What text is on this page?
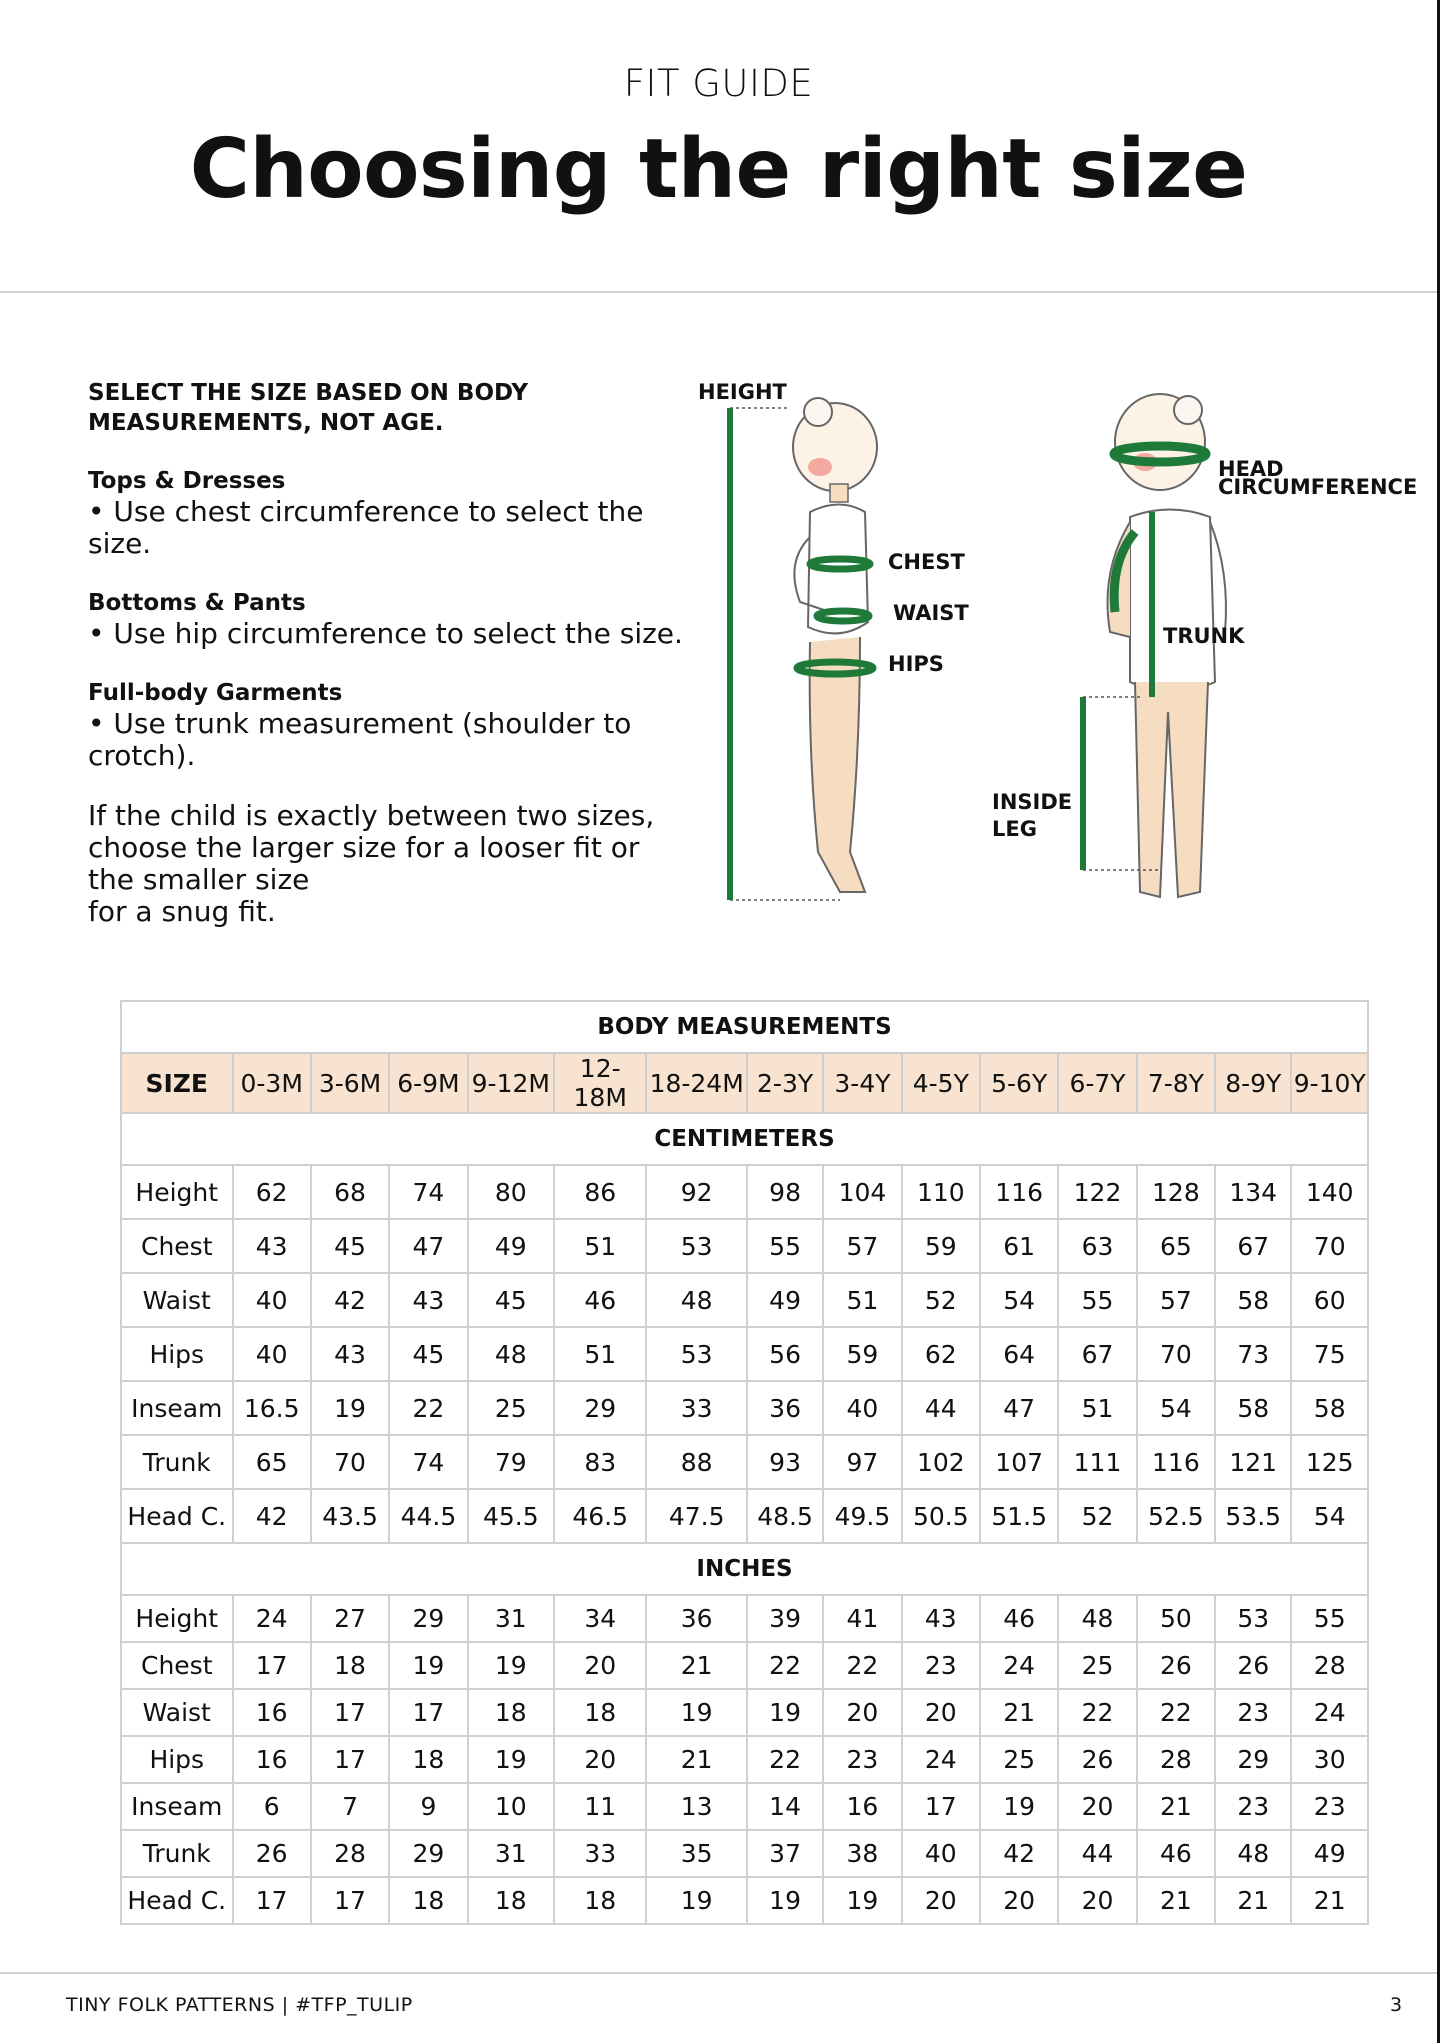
FIT GUIDE
Choosing the right size
SELECT THE SIZE BASED ON BODY
MEASUREMENTS, NOT AGE.
Tops & Dresses
• Use chest circumference to select the size.
Bottoms & Pants
• Use hip circumference to select the size.
Full-body Garments
• Use trunk measurement (shoulder to crotch).
If the child is exactly between two sizes, choose the larger size for a looser fit or the smaller size
for a snug fit.
HEIGHT
CHEST
WAIST
HIPS
HEAD
CIRCUMFERENCE
TRUNK
INSIDE
LEG
BODY MEASUREMENTS														
SIZE	0-3M	3-6M	6-9M	9-12M	12-18M	18-24M	2-3Y	3-4Y	4-5Y	5-6Y	6-7Y	7-8Y	8-9Y	9-10Y
CENTIMETERS														
Height	62	68	74	80	86	92	98	104	110	116	122	128	134	140
Chest	43	45	47	49	51	53	55	57	59	61	63	65	67	70
Waist	40	42	43	45	46	48	49	51	52	54	55	57	58	60
Hips	40	43	45	48	51	53	56	59	62	64	67	70	73	75
Inseam	16.5	19	22	25	29	33	36	40	44	47	51	54	58	58
Trunk	65	70	74	79	83	88	93	97	102	107	111	116	121	125
Head C.	42	43.5	44.5	45.5	46.5	47.5	48.5	49.5	50.5	51.5	52	52.5	53.5	54
INCHES														
Height	24	27	29	31	34	36	39	41	43	46	48	50	53	55
Chest	17	18	19	19	20	21	22	22	23	24	25	26	26	28
Waist	16	17	17	18	18	19	19	20	20	21	22	22	23	24
Hips	16	17	18	19	20	21	22	23	24	25	26	28	29	30
Inseam	6	7	9	10	11	13	14	16	17	19	20	21	23	23
Trunk	26	28	29	31	33	35	37	38	40	42	44	46	48	49
Head C.	17	17	18	18	18	19	19	19	20	20	20	21	21	21
TINY FOLK PATTERNS | #TFP_TULIP	3
